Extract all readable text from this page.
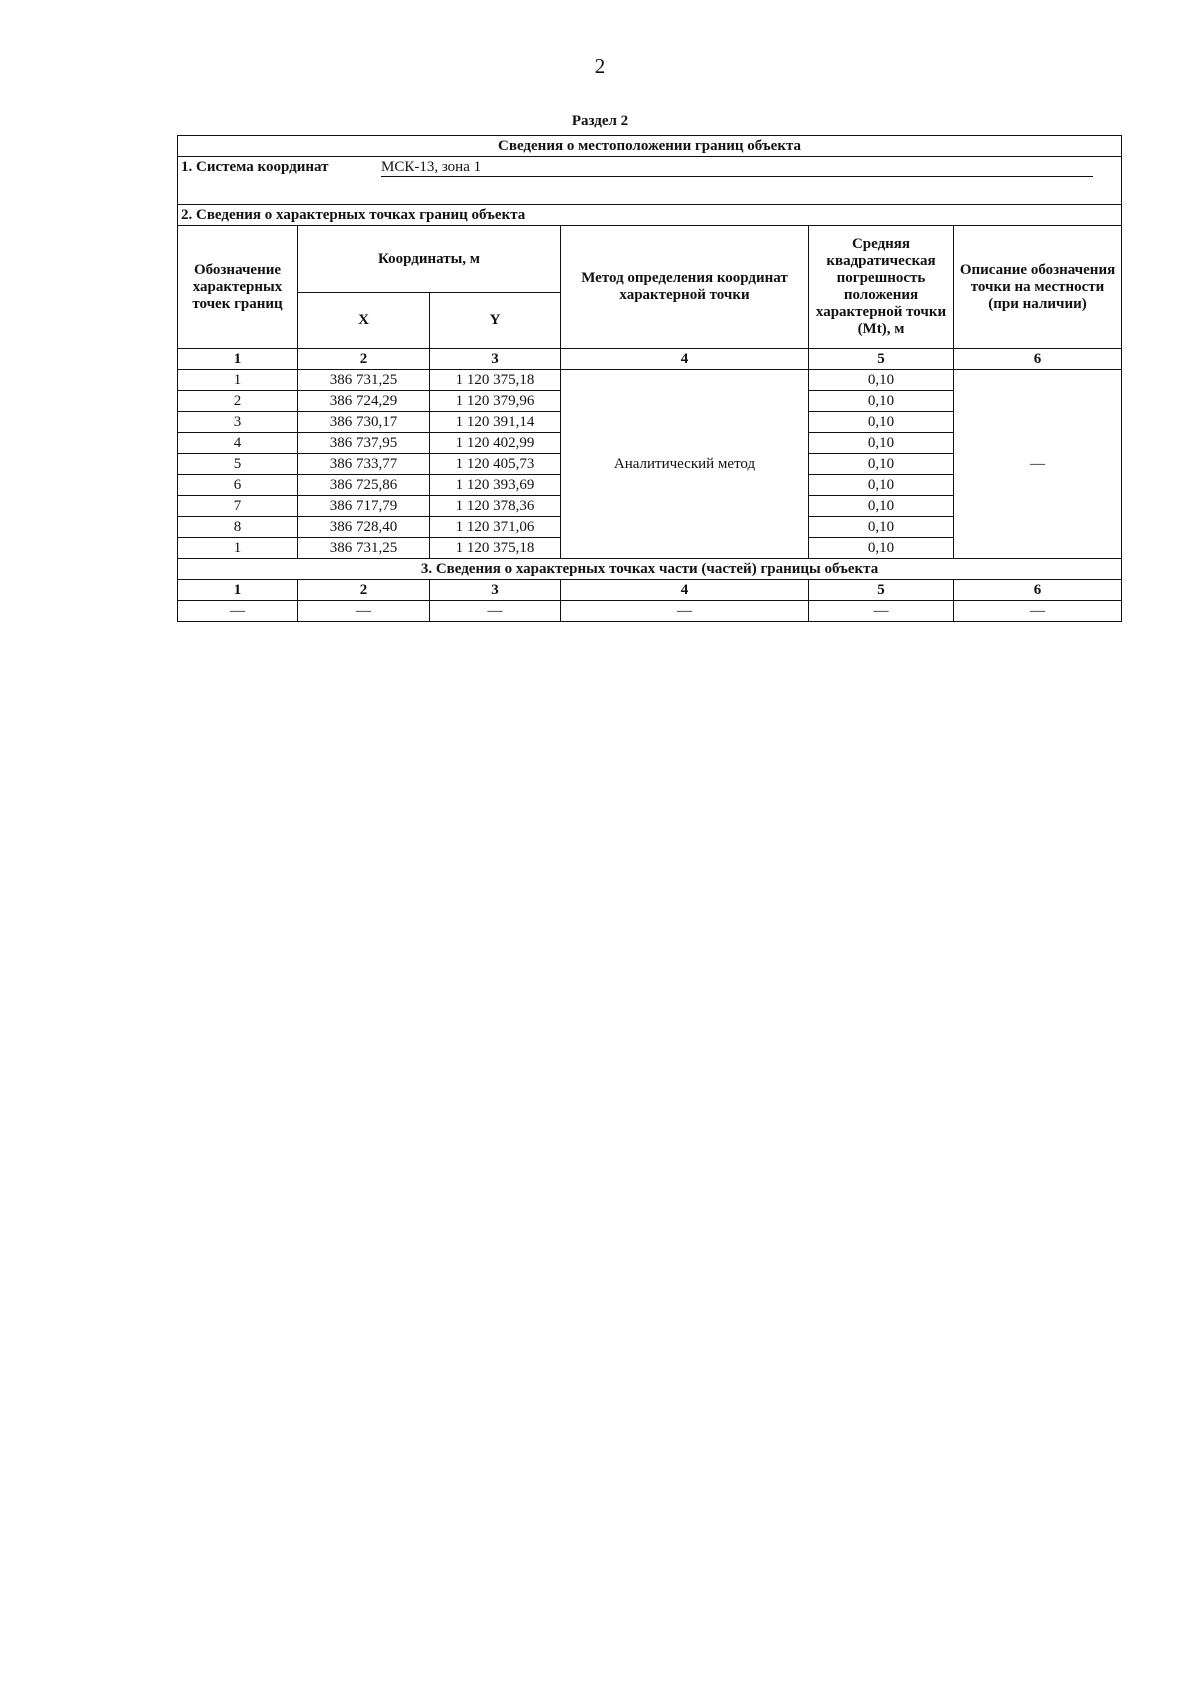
2
Раздел 2
Сведения о местоположении границ объекта					
1. Система координат МСК-13, зона 1					
2. Сведения о характерных точках границ объекта					
Обозначение характерных точек границ	Координаты, м		Метод определения координат характерной точки	Средняя квадратическая погрешность положения характерной точки (Mt), м	Описание обозначения точки на местности (при наличии)
	X	Y			
1	2	3	4	5	6
1	386 731,25	1 120 375,18	Аналитический метод	0,10	—
2	386 724,29	1 120 379,96		0,10	
3	386 730,17	1 120 391,14		0,10	
4	386 737,95	1 120 402,99		0,10	
5	386 733,77	1 120 405,73		0,10	
6	386 725,86	1 120 393,69		0,10	
7	386 717,79	1 120 378,36		0,10	
8	386 728,40	1 120 371,06		0,10	
1	386 731,25	1 120 375,18		0,10	
3. Сведения о характерных точках части (частей) границы объекта					
1	2	3	4	5	6
—	—	—	—	—	—
